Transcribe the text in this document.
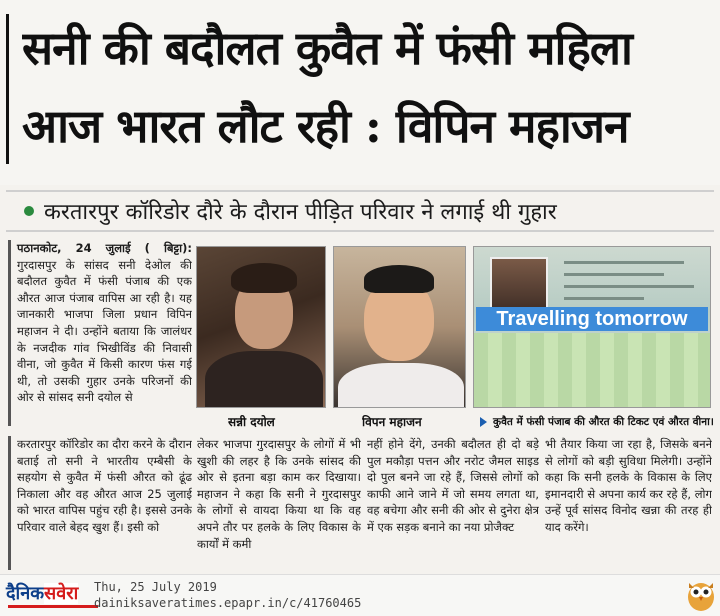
सनी की बदौलत कुवैत में फंसी महिला
आज भारत लौट रही : विपिन महाजन
करतारपुर कॉरिडोर दौरे के दौरान पीड़ित परिवार ने लगाई थी गुहार
पठानकोट, 24 जुलाई ( बिट्टा): गुरदासपुर के सांसद सनी देओल की बदौलत कुवैत में फंसी पंजाब की एक औरत आज पंजाब वापिस आ रही है। यह जानकारी भाजपा जिला प्रधान विपिन महाजन ने दी। उन्होंने बताया कि जालंधर के नजदीक गांव भिखीविंड की निवासी वीना, जो कुवैत में किसी कारण फंस गई थी, तो उसकी गुहार उनके परिजनों की ओर से सांसद सनी दयोल से
Travelling tomorrow
सन्नी दयोल	विपन महाजन	कुवैत में फंसी पंजाब की औरत की टिकट एवं औरत वीना।
करतारपुर कॉरिडोर का दौरा करने के दौरान बताई तो सनी ने भारतीय एम्बैसी के सहयोग से कुवैत में फंसी औरत को ढूंढ निकाला और वह औरत आज 25 जुलाई को भारत वापिस पहुंच रही है। इससे उनके परिवार वाले बेहद खुश हैं। इसी को
लेकर भाजपा गुरदासपुर के लोगों में भी खुशी की लहर है कि उनके सांसद की ओर से इतना बड़ा काम कर दिखाया। महाजन ने कहा कि सनी ने गुरदासपुर के लोगों से वायदा किया था कि वह अपने तौर पर हलके के लिए विकास के कार्यों में कमी
नहीं होने देंगे, उनकी बदौलत ही दो बड़े पुल मकौड़ा पत्तन और नरोट जैमल साइड दो पुल बनने जा रहे हैं, जिससे लोगों को काफी आने जाने में जो समय लगता था, वह बचेगा और सनी की ओर से दुनेरा क्षेत्र में एक सड़क बनाने का नया प्रोजैक्ट
भी तैयार किया जा रहा है, जिसके बनने से लोगों को बड़ी सुविधा मिलेगी। उन्होंने कहा कि सनी हलके के विकास के लिए इमानदारी से अपना कार्य कर रहे हैं, लोग उन्हें पूर्व सांसद विनोद खन्ना की तरह ही याद करेंगे।
दैनिकसवेरा	Thu, 25 July 2019
dainiksaveratimes.epapr.in/c/41760465
